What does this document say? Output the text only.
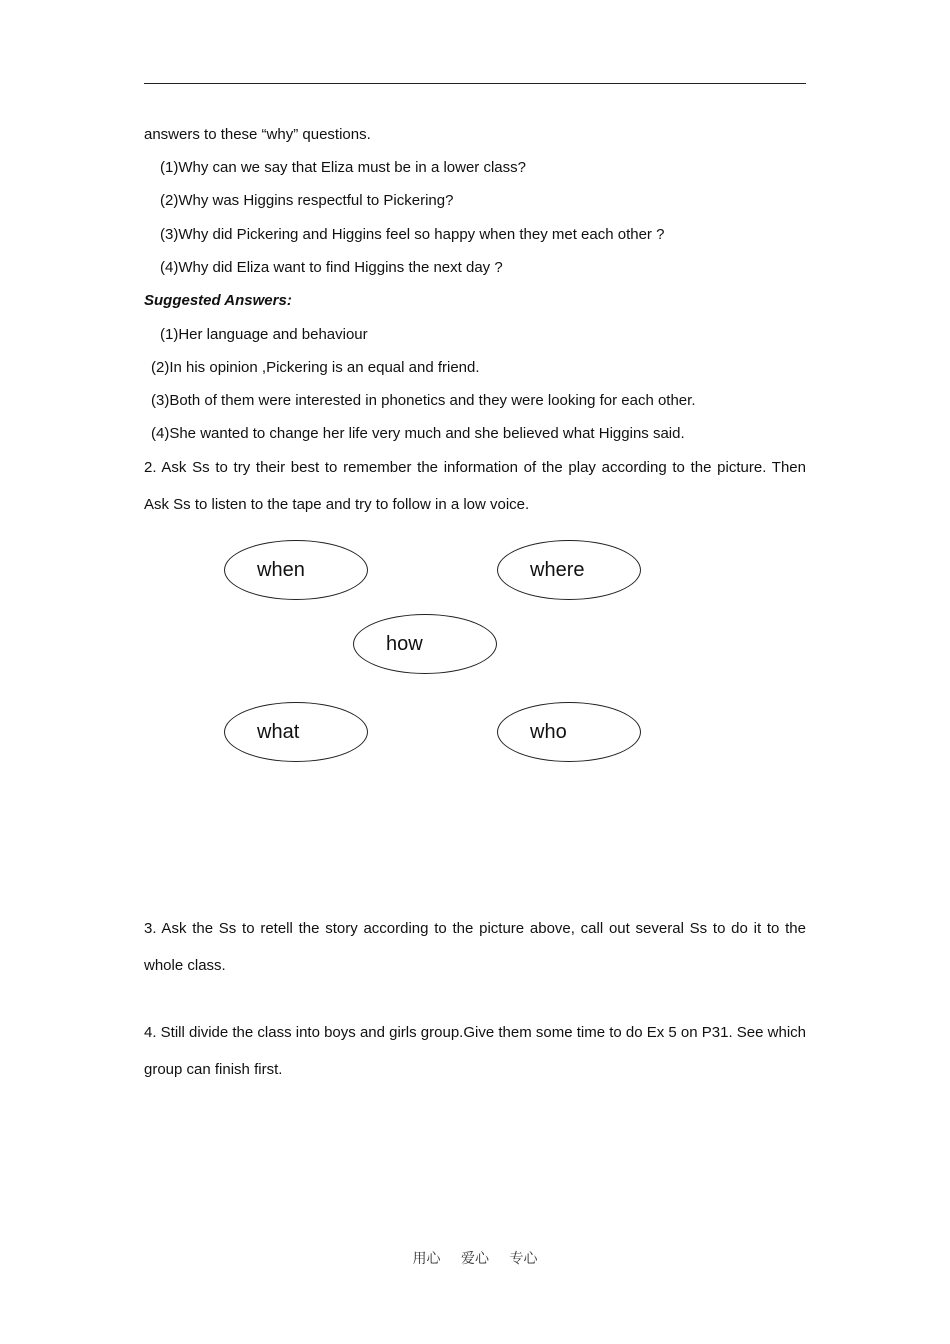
answers to these “why” questions.
(1)Why can we say that Eliza must be in a lower class?
(2)Why was Higgins respectful to Pickering?
(3)Why did Pickering and Higgins feel so happy when they met each other ?
(4)Why did Eliza want to find Higgins the next day ?
Suggested Answers:
(1)Her language and behaviour
(2)In his opinion ,Pickering is an equal and friend.
(3)Both of them were interested in phonetics and they were looking for each other.
(4)She wanted to change her life very much and she believed what Higgins said.
2. Ask Ss to try their best to remember the information of the play according to the picture. Then Ask Ss to listen to the tape and try to follow in a low voice.
when	where
how
what	who
3. Ask the Ss to retell the story according to the picture above, call out several Ss to do it to the whole class.
4. Still divide the class into boys and girls group.Give them some time to do Ex 5 on P31. See which group can finish first.
用心 爱心 专心
